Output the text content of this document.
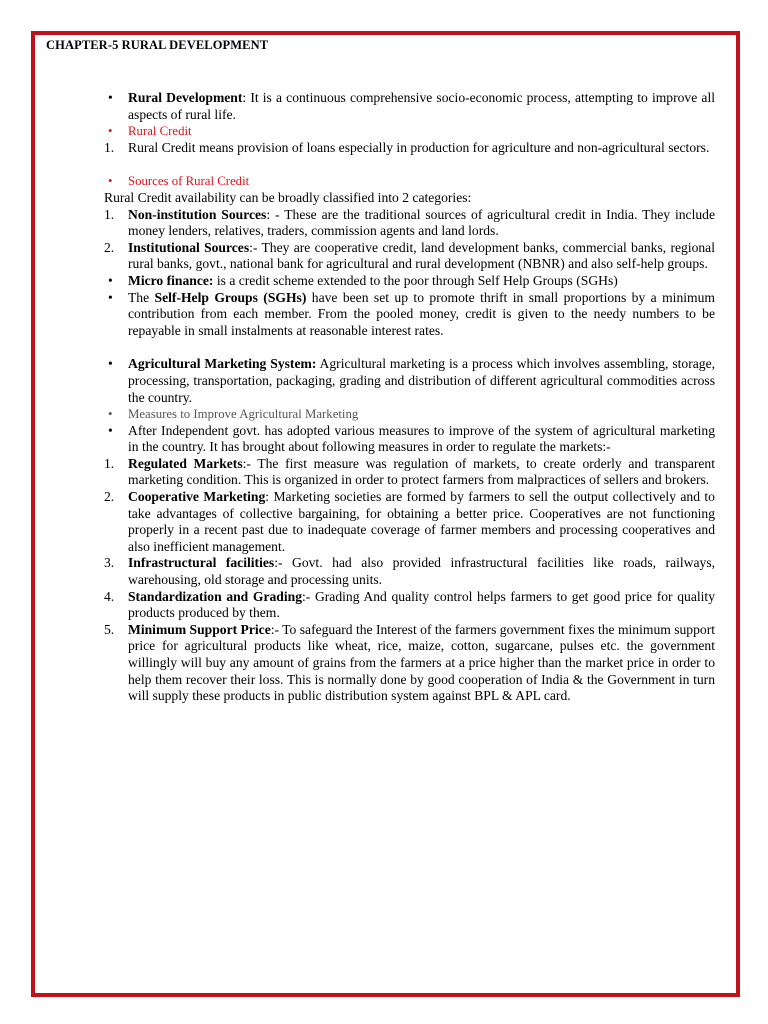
CHAPTER-5 RURAL DEVELOPMENT
•	Rural Development: It is a continuous comprehensive socio-economic process, attempting to improve all aspects of rural life.
•	Rural Credit
1.	Rural Credit means provision of loans especially in production for agriculture and non-agricultural sectors.
•	Sources of Rural Credit
Rural Credit availability can be broadly classified into 2 categories:
1.	Non-institution Sources: - These are the traditional sources of agricultural credit in India. They include money lenders, relatives, traders, commission agents and land lords.
2.	Institutional Sources:- They are cooperative credit, land development banks, commercial banks, regional rural banks, govt., national bank for agricultural and rural development (NBNR) and also self-help groups.
•	Micro finance: is a credit scheme extended to the poor through Self Help Groups (SGHs)
•	The Self-Help Groups (SGHs) have been set up to promote thrift in small proportions by a minimum contribution from each member. From the pooled money, credit is given to the needy numbers to be repayable in small instalments at reasonable interest rates.
•	Agricultural Marketing System: Agricultural marketing is a process which involves assembling, storage, processing, transportation, packaging, grading and distribution of different agricultural commodities across the country.
•	Measures to Improve Agricultural Marketing
•	After Independent govt. has adopted various measures to improve of the system of agricultural marketing in the country. It has brought about following measures in order to regulate the markets:-
1.	Regulated Markets:- The first measure was regulation of markets, to create orderly and transparent marketing condition. This is organized in order to protect farmers from malpractices of sellers and brokers.
2.	Cooperative Marketing: Marketing societies are formed by farmers to sell the output collectively and to take advantages of collective bargaining, for obtaining a better price. Cooperatives are not functioning properly in a recent past due to inadequate coverage of farmer members and processing cooperatives and also inefficient management.
3.	Infrastructural facilities:- Govt. had also provided infrastructural facilities like roads, railways, warehousing, old storage and processing units.
4.	Standardization and Grading:- Grading And quality control helps farmers to get good price for quality products produced by them.
5.	Minimum Support Price:- To safeguard the Interest of the farmers government fixes the minimum support price for agricultural products like wheat, rice, maize, cotton, sugarcane, pulses etc. the government willingly will buy any amount of grains from the farmers at a price higher than the market price in order to help them recover their loss. This is normally done by good cooperation of India & the Government in turn will supply these products in public distribution system against BPL & APL card.
